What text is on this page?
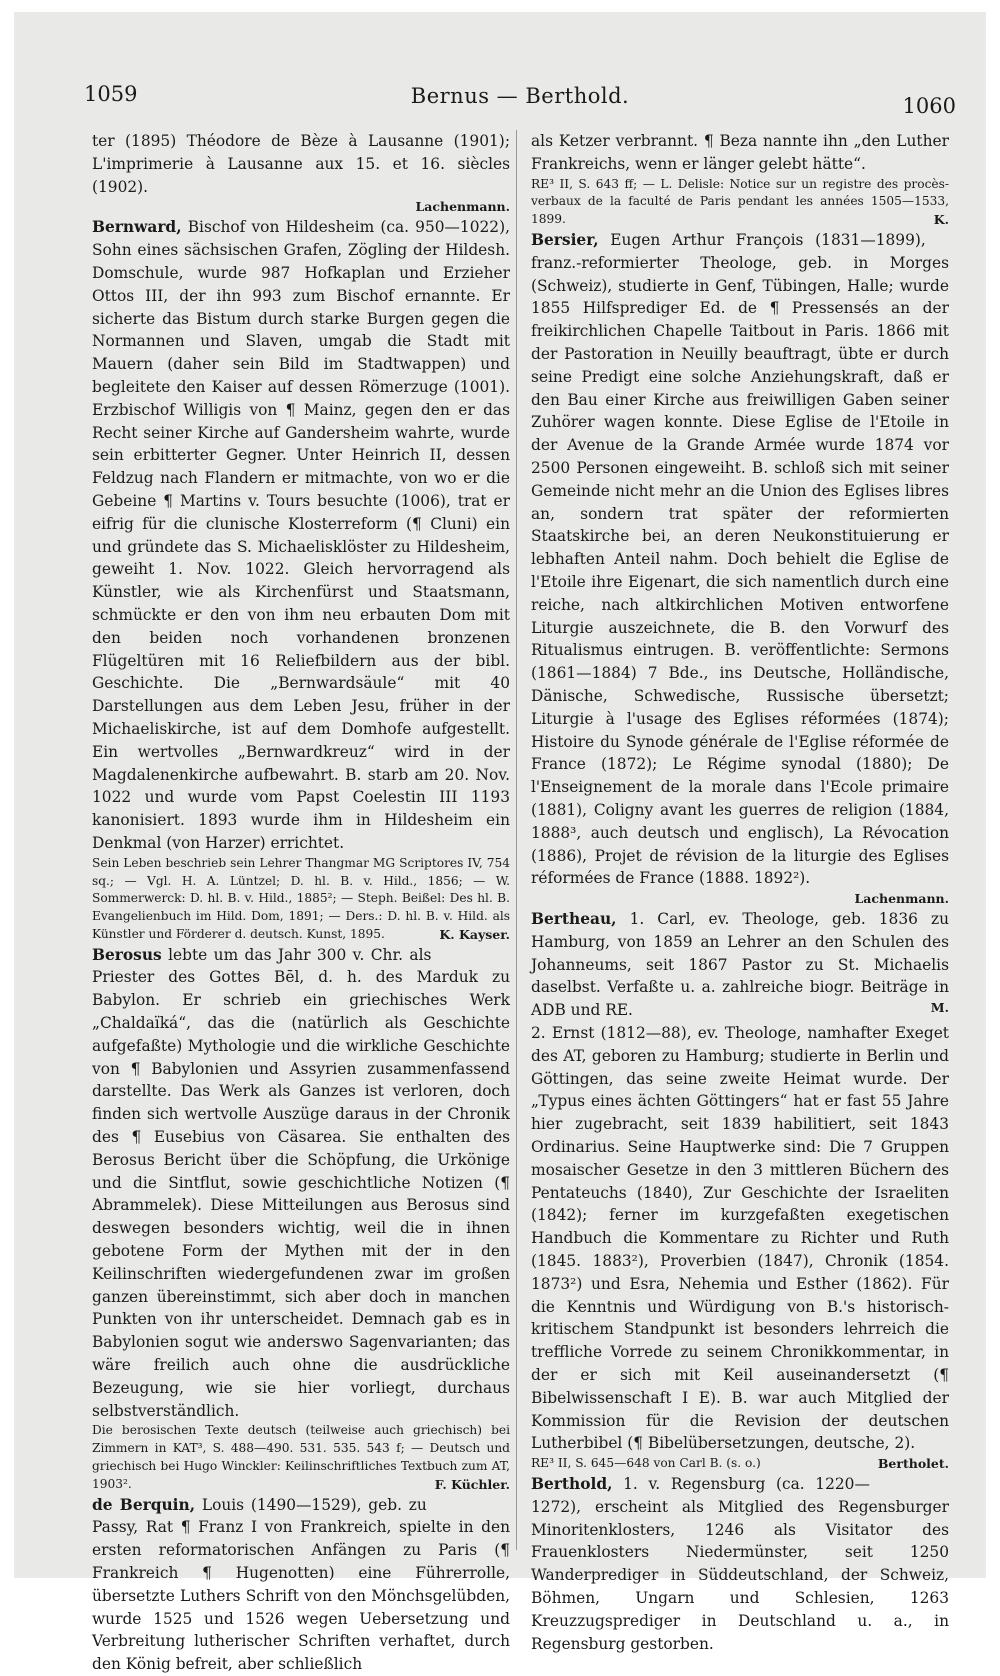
1059	Bernus — Berthold.	1060

ter (1895) Théodore de Bèze à Lausanne (1901); L'imprimerie à Lausanne aux 15. et 16. siècles (1902).

Lachenmann.

Bernward, Bischof von Hildesheim (ca. 950—1022), Sohn eines sächsischen Grafen, Zögling der Hildesh. Domschule, wurde 987 Hofkaplan und Erzieher Ottos III, der ihn 993 zum Bischof ernannte. Er sicherte das Bistum durch starke Burgen gegen die Normannen und Slaven, umgab die Stadt mit Mauern (daher sein Bild im Stadtwappen) und begleitete den Kaiser auf dessen Römerzuge (1001). Erzbischof Willigis von ¶ Mainz, gegen den er das Recht seiner Kirche auf Gandersheim wahrte, wurde sein erbitterter Gegner. Unter Heinrich II, dessen Feldzug nach Flandern er mitmachte, von wo er die Gebeine ¶ Martins v. Tours besuchte (1006), trat er eifrig für die clunische Klosterreform (¶ Cluni) ein und gründete das S. Michaelisklöster zu Hildesheim, geweiht 1. Nov. 1022. Gleich hervorragend als Künstler, wie als Kirchenfürst und Staatsmann, schmückte er den von ihm neu erbauten Dom mit den beiden noch vorhandenen bronzenen Flügeltüren mit 16 Reliefbildern aus der bibl. Geschichte. Die „Bernwardsäule“ mit 40 Darstellungen aus dem Leben Jesu, früher in der Michaeliskirche, ist auf dem Domhofe aufgestellt. Ein wertvolles „Bernwardkreuz“ wird in der Magdalenenkirche aufbewahrt. B. starb am 20. Nov. 1022 und wurde vom Papst Coelestin III 1193 kanonisiert. 1893 wurde ihm in Hildesheim ein Denkmal (von Harzer) errichtet.

Sein Leben beschrieb sein Lehrer Thangmar MG Scriptores IV, 754 sq.; — Vgl. H. A. Lüntzel; D. hl. B. v. Hild., 1856; — W. Sommerwerck: D. hl. B. v. Hild., 1885²; — Steph. Beißel: Des hl. B. Evangelienbuch im Hild. Dom, 1891; — Ders.: D. hl. B. v. Hild. als Künstler und Förderer d. deutsch. Kunst, 1895.	K. Kayser.

Berosus lebte um das Jahr 300 v. Chr. als Priester des Gottes Bēl, d. h. des Marduk zu Babylon. Er schrieb ein griechisches Werk „Chaldaïká“, das die (natürlich als Geschichte aufgefaßte) Mythologie und die wirkliche Geschichte von ¶ Babylonien und Assyrien zusammenfassend darstellte. Das Werk als Ganzes ist verloren, doch finden sich wertvolle Auszüge daraus in der Chronik des ¶ Eusebius von Cäsarea. Sie enthalten des Berosus Bericht über die Schöpfung, die Urkönige und die Sintflut, sowie geschichtliche Notizen (¶ Abrammelek). Diese Mitteilungen aus Berosus sind deswegen besonders wichtig, weil die in ihnen gebotene Form der Mythen mit der in den Keilinschriften wiedergefundenen zwar im großen ganzen übereinstimmt, sich aber doch in manchen Punkten von ihr unterscheidet. Demnach gab es in Babylonien sogut wie anderswo Sagenvarianten; das wäre freilich auch ohne die ausdrückliche Bezeugung, wie sie hier vorliegt, durchaus selbstverständlich.

Die berosischen Texte deutsch (teilweise auch griechisch) bei Zimmern in KAT³, S. 488—490. 531. 535. 543 f; — Deutsch und griechisch bei Hugo Winckler: Keilinschriftliches Textbuch zum AT, 1903².	F. Küchler.

de Berquin, Louis (1490—1529), geb. zu Passy, Rat ¶ Franz I von Frankreich, spielte in den ersten reformatorischen Anfängen zu Paris (¶ Frankreich ¶ Hugenotten) eine Führerrolle, übersetzte Luthers Schrift von den Mönchsgelübden, wurde 1525 und 1526 wegen Uebersetzung und Verbreitung lutherischer Schriften verhaftet, durch den König befreit, aber schließlich

als Ketzer verbrannt. ¶ Beza nannte ihn „den Luther Frankreichs, wenn er länger gelebt hätte“.

RE³ II, S. 643 ff; — L. Delisle: Notice sur un registre des procès-verbaux de la faculté de Paris pendant les années 1505—1533, 1899.	K.

Bersier, Eugen Arthur François (1831—1899), franz.-reformierter Theologe, geb. in Morges (Schweiz), studierte in Genf, Tübingen, Halle; wurde 1855 Hilfsprediger Ed. de ¶ Pressensés an der freikirchlichen Chapelle Taitbout in Paris. 1866 mit der Pastoration in Neuilly beauftragt, übte er durch seine Predigt eine solche Anziehungskraft, daß er den Bau einer Kirche aus freiwilligen Gaben seiner Zuhörer wagen konnte. Diese Eglise de l'Etoile in der Avenue de la Grande Armée wurde 1874 vor 2500 Personen eingeweiht. B. schloß sich mit seiner Gemeinde nicht mehr an die Union des Eglises libres an, sondern trat später der reformierten Staatskirche bei, an deren Neukonstituierung er lebhaften Anteil nahm. Doch behielt die Eglise de l'Etoile ihre Eigenart, die sich namentlich durch eine reiche, nach altkirchlichen Motiven entworfene Liturgie auszeichnete, die B. den Vorwurf des Ritualismus eintrugen. B. veröffentlichte: Sermons (1861—1884) 7 Bde., ins Deutsche, Holländische, Dänische, Schwedische, Russische übersetzt; Liturgie à l'usage des Eglises réformées (1874); Histoire du Synode générale de l'Eglise réformée de France (1872); Le Régime synodal (1880); De l'Enseignement de la morale dans l'Ecole primaire (1881), Coligny avant les guerres de religion (1884, 1888³, auch deutsch und englisch), La Révocation (1886), Projet de révision de la liturgie des Eglises réformées de France (1888. 1892²).

Lachenmann.

Bertheau, 1. Carl, ev. Theologe, geb. 1836 zu Hamburg, von 1859 an Lehrer an den Schulen des Johanneums, seit 1867 Pastor zu St. Michaelis daselbst. Verfaßte u. a. zahlreiche biogr. Beiträge in ADB und RE.	M.

2. Ernst (1812—88), ev. Theologe, namhafter Exeget des AT, geboren zu Hamburg; studierte in Berlin und Göttingen, das seine zweite Heimat wurde. Der „Typus eines ächten Göttingers“ hat er fast 55 Jahre hier zugebracht, seit 1839 habilitiert, seit 1843 Ordinarius. Seine Hauptwerke sind: Die 7 Gruppen mosaischer Gesetze in den 3 mittleren Büchern des Pentateuchs (1840), Zur Geschichte der Israeliten (1842); ferner im kurzgefaßten exegetischen Handbuch die Kommentare zu Richter und Ruth (1845. 1883²), Proverbien (1847), Chronik (1854. 1873²) und Esra, Nehemia und Esther (1862). Für die Kenntnis und Würdigung von B.'s historisch-kritischem Standpunkt ist besonders lehrreich die treffliche Vorrede zu seinem Chronikkommentar, in der er sich mit Keil auseinandersetzt (¶ Bibelwissenschaft I E). B. war auch Mitglied der Kommission für die Revision der deutschen Lutherbibel (¶ Bibelübersetzungen, deutsche, 2).

RE³ II, S. 645—648 von Carl B. (s. o.)	Bertholet.

Berthold, 1. v. Regensburg (ca. 1220—1272), erscheint als Mitglied des Regensburger Minoritenklosters, 1246 als Visitator des Frauenklosters Niedermünster, seit 1250 Wanderprediger in Süddeutschland, der Schweiz, Böhmen, Ungarn und Schlesien, 1263 Kreuzzugsprediger in Deutschland u. a., in Regensburg gestorben.
